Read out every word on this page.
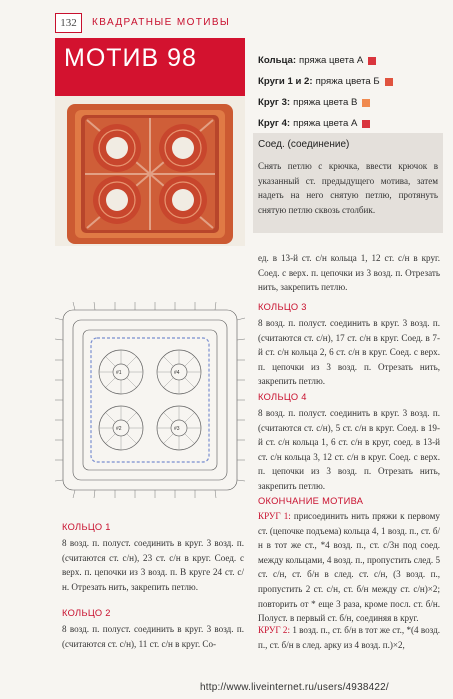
132	КВАДРАТНЫЕ МОТИВЫ
МОТИВ 98	Кольца: пряжа цвета А
Круги 1 и 2: пряжа цвета Б
Круг 3: пряжа цвета В
Круг 4: пряжа цвета А
Соед. (соединение)
Снять петлю с крючка, ввести крючок в указанный ст. предыдущего мотива, затем надеть на него снятую петлю, протянуть снятую петлю сквозь столбик.
#1	#4
#2	#3
ед. в 13-й ст. с/н кольца 1, 12 ст. с/н в круг. Соед. с верх. п. цепочки из 3 возд. п. Отрезать нить, закрепить петлю.
КОЛЬЦО 3
8 возд. п. полуст. соединить в круг. 3 возд. п. (считаются ст. с/н), 17 ст. с/н в круг. Соед. в 7-й ст. с/н кольца 2, 6 ст. с/н в круг. Соед. с верх. п. цепочки из 3 возд. п. Отрезать нить, закрепить петлю.
КОЛЬЦО 4
8 возд. п. полуст. соединить в круг. 3 возд. п. (считаются ст. с/н), 5 ст. с/н в круг. Соед. в 19-й ст. с/н кольца 1, 6 ст. с/н в круг, соед. в 13-й ст. с/н кольца 3, 12 ст. с/н в круг. Соед. с верх. п. цепочки из 3 возд. п. Отрезать нить, закрепить петлю.
ОКОНЧАНИЕ МОТИВА
КРУГ 1: присоединить нить пряжи к первому ст. (цепочке подъема) кольца 4, 1 возд. п., ст. б/н в тот же ст., *4 возд. п., ст. с/3н под соед. между кольцами, 4 возд. п., пропустить след. 5 ст. с/н, ст. б/н в след. ст. с/н, (3 возд. п., пропустить 2 ст. с/н, ст. б/н между ст. с/н)×2; повторить от * еще 3 раза, кроме посл. ст. б/н. Полуст. в первый ст. б/н, соединяя в круг.
КРУГ 2: 1 возд. п., ст. б/н в тот же ст., *(4 возд. п., ст. б/н в след. арку из 4 возд. п.)×2,
КОЛЬЦО 1
8 возд. п. полуст. соединить в круг. 3 возд. п. (считаются ст. с/н), 23 ст. с/н в круг. Соед. с верх. п. цепочки из 3 возд. п. В круге 24 ст. с/н. Отрезать нить, закрепить петлю.
КОЛЬЦО 2
8 возд. п. полуст. соединить в круг. 3 возд. п. (считаются ст. с/н), 11 ст. с/н в круг. Со-
http://www.liveinternet.ru/users/4938422/
